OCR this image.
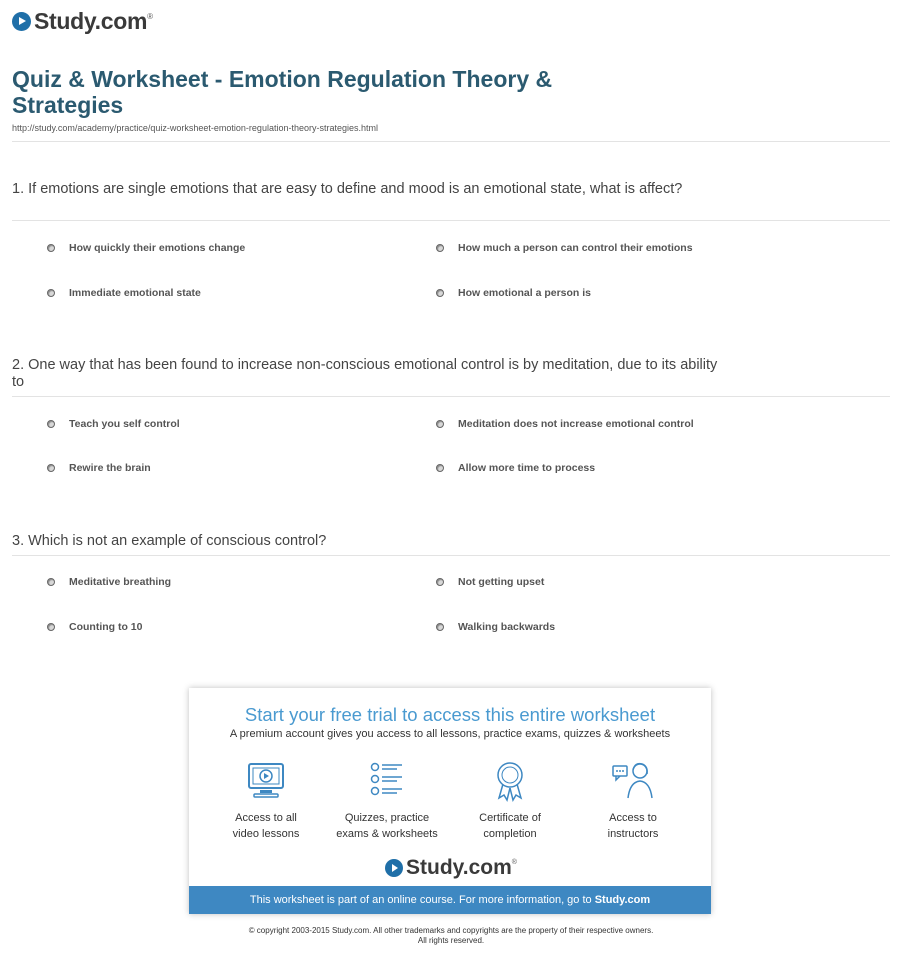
Study.com ®
Quiz & Worksheet - Emotion Regulation Theory & Strategies
http://study.com/academy/practice/quiz-worksheet-emotion-regulation-theory-strategies.html
1. If emotions are single emotions that are easy to define and mood is an emotional state, what is affect?
How quickly their emotions change	How much a person can control their emotions
Immediate emotional state	How emotional a person is
2. One way that has been found to increase non-conscious emotional control is by meditation, due to its ability to
Teach you self control	Meditation does not increase emotional control
Rewire the brain	Allow more time to process
3. Which is not an example of conscious control?
Meditative breathing	Not getting upset
Counting to 10	Walking backwards
Start your free trial to access this entire worksheet
A premium account gives you access to all lessons, practice exams, quizzes & worksheets
Access to all
video lessons
Quizzes, practice
exams & worksheets
Certificate of
completion
Access to
instructors
Study.com ®
This worksheet is part of an online course. For more information, go to Study.com
© copyright 2003-2015 Study.com. All other trademarks and copyrights are the property of their respective owners.
All rights reserved.
